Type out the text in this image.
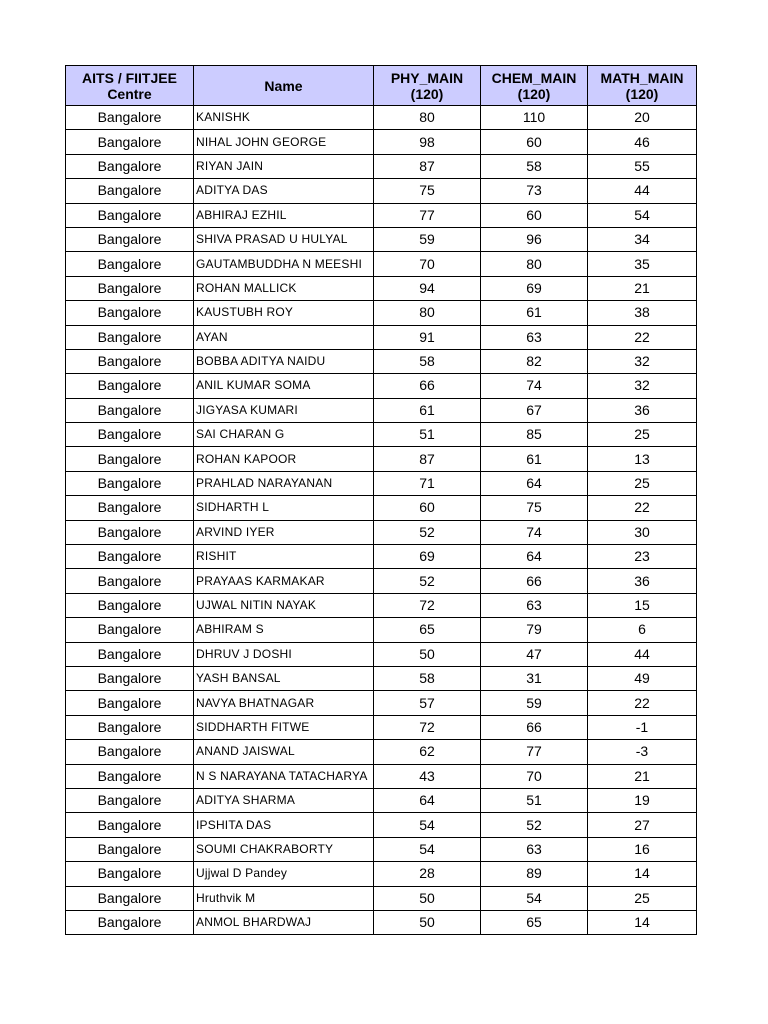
AITS / FIITJEE Centre	Name	PHY_MAIN (120)	CHEM_MAIN (120)	MATH_MAIN (120)
Bangalore	KANISHK	80	110	20
Bangalore	NIHAL JOHN GEORGE	98	60	46
Bangalore	RIYAN JAIN	87	58	55
Bangalore	ADITYA DAS	75	73	44
Bangalore	ABHIRAJ EZHIL	77	60	54
Bangalore	SHIVA PRASAD U HULYAL	59	96	34
Bangalore	GAUTAMBUDDHA N MEESHI	70	80	35
Bangalore	ROHAN MALLICK	94	69	21
Bangalore	KAUSTUBH ROY	80	61	38
Bangalore	AYAN	91	63	22
Bangalore	BOBBA ADITYA NAIDU	58	82	32
Bangalore	ANIL KUMAR SOMA	66	74	32
Bangalore	JIGYASA KUMARI	61	67	36
Bangalore	SAI CHARAN G	51	85	25
Bangalore	ROHAN KAPOOR	87	61	13
Bangalore	PRAHLAD NARAYANAN	71	64	25
Bangalore	SIDHARTH L	60	75	22
Bangalore	ARVIND IYER	52	74	30
Bangalore	RISHIT	69	64	23
Bangalore	PRAYAAS KARMAKAR	52	66	36
Bangalore	UJWAL NITIN NAYAK	72	63	15
Bangalore	ABHIRAM S	65	79	6
Bangalore	DHRUV J DOSHI	50	47	44
Bangalore	YASH BANSAL	58	31	49
Bangalore	NAVYA BHATNAGAR	57	59	22
Bangalore	SIDDHARTH FITWE	72	66	-1
Bangalore	ANAND JAISWAL	62	77	-3
Bangalore	N S NARAYANA TATACHARYA	43	70	21
Bangalore	ADITYA SHARMA	64	51	19
Bangalore	IPSHITA DAS	54	52	27
Bangalore	SOUMI CHAKRABORTY	54	63	16
Bangalore	Ujjwal D Pandey	28	89	14
Bangalore	Hruthvik M	50	54	25
Bangalore	ANMOL BHARDWAJ	50	65	14
